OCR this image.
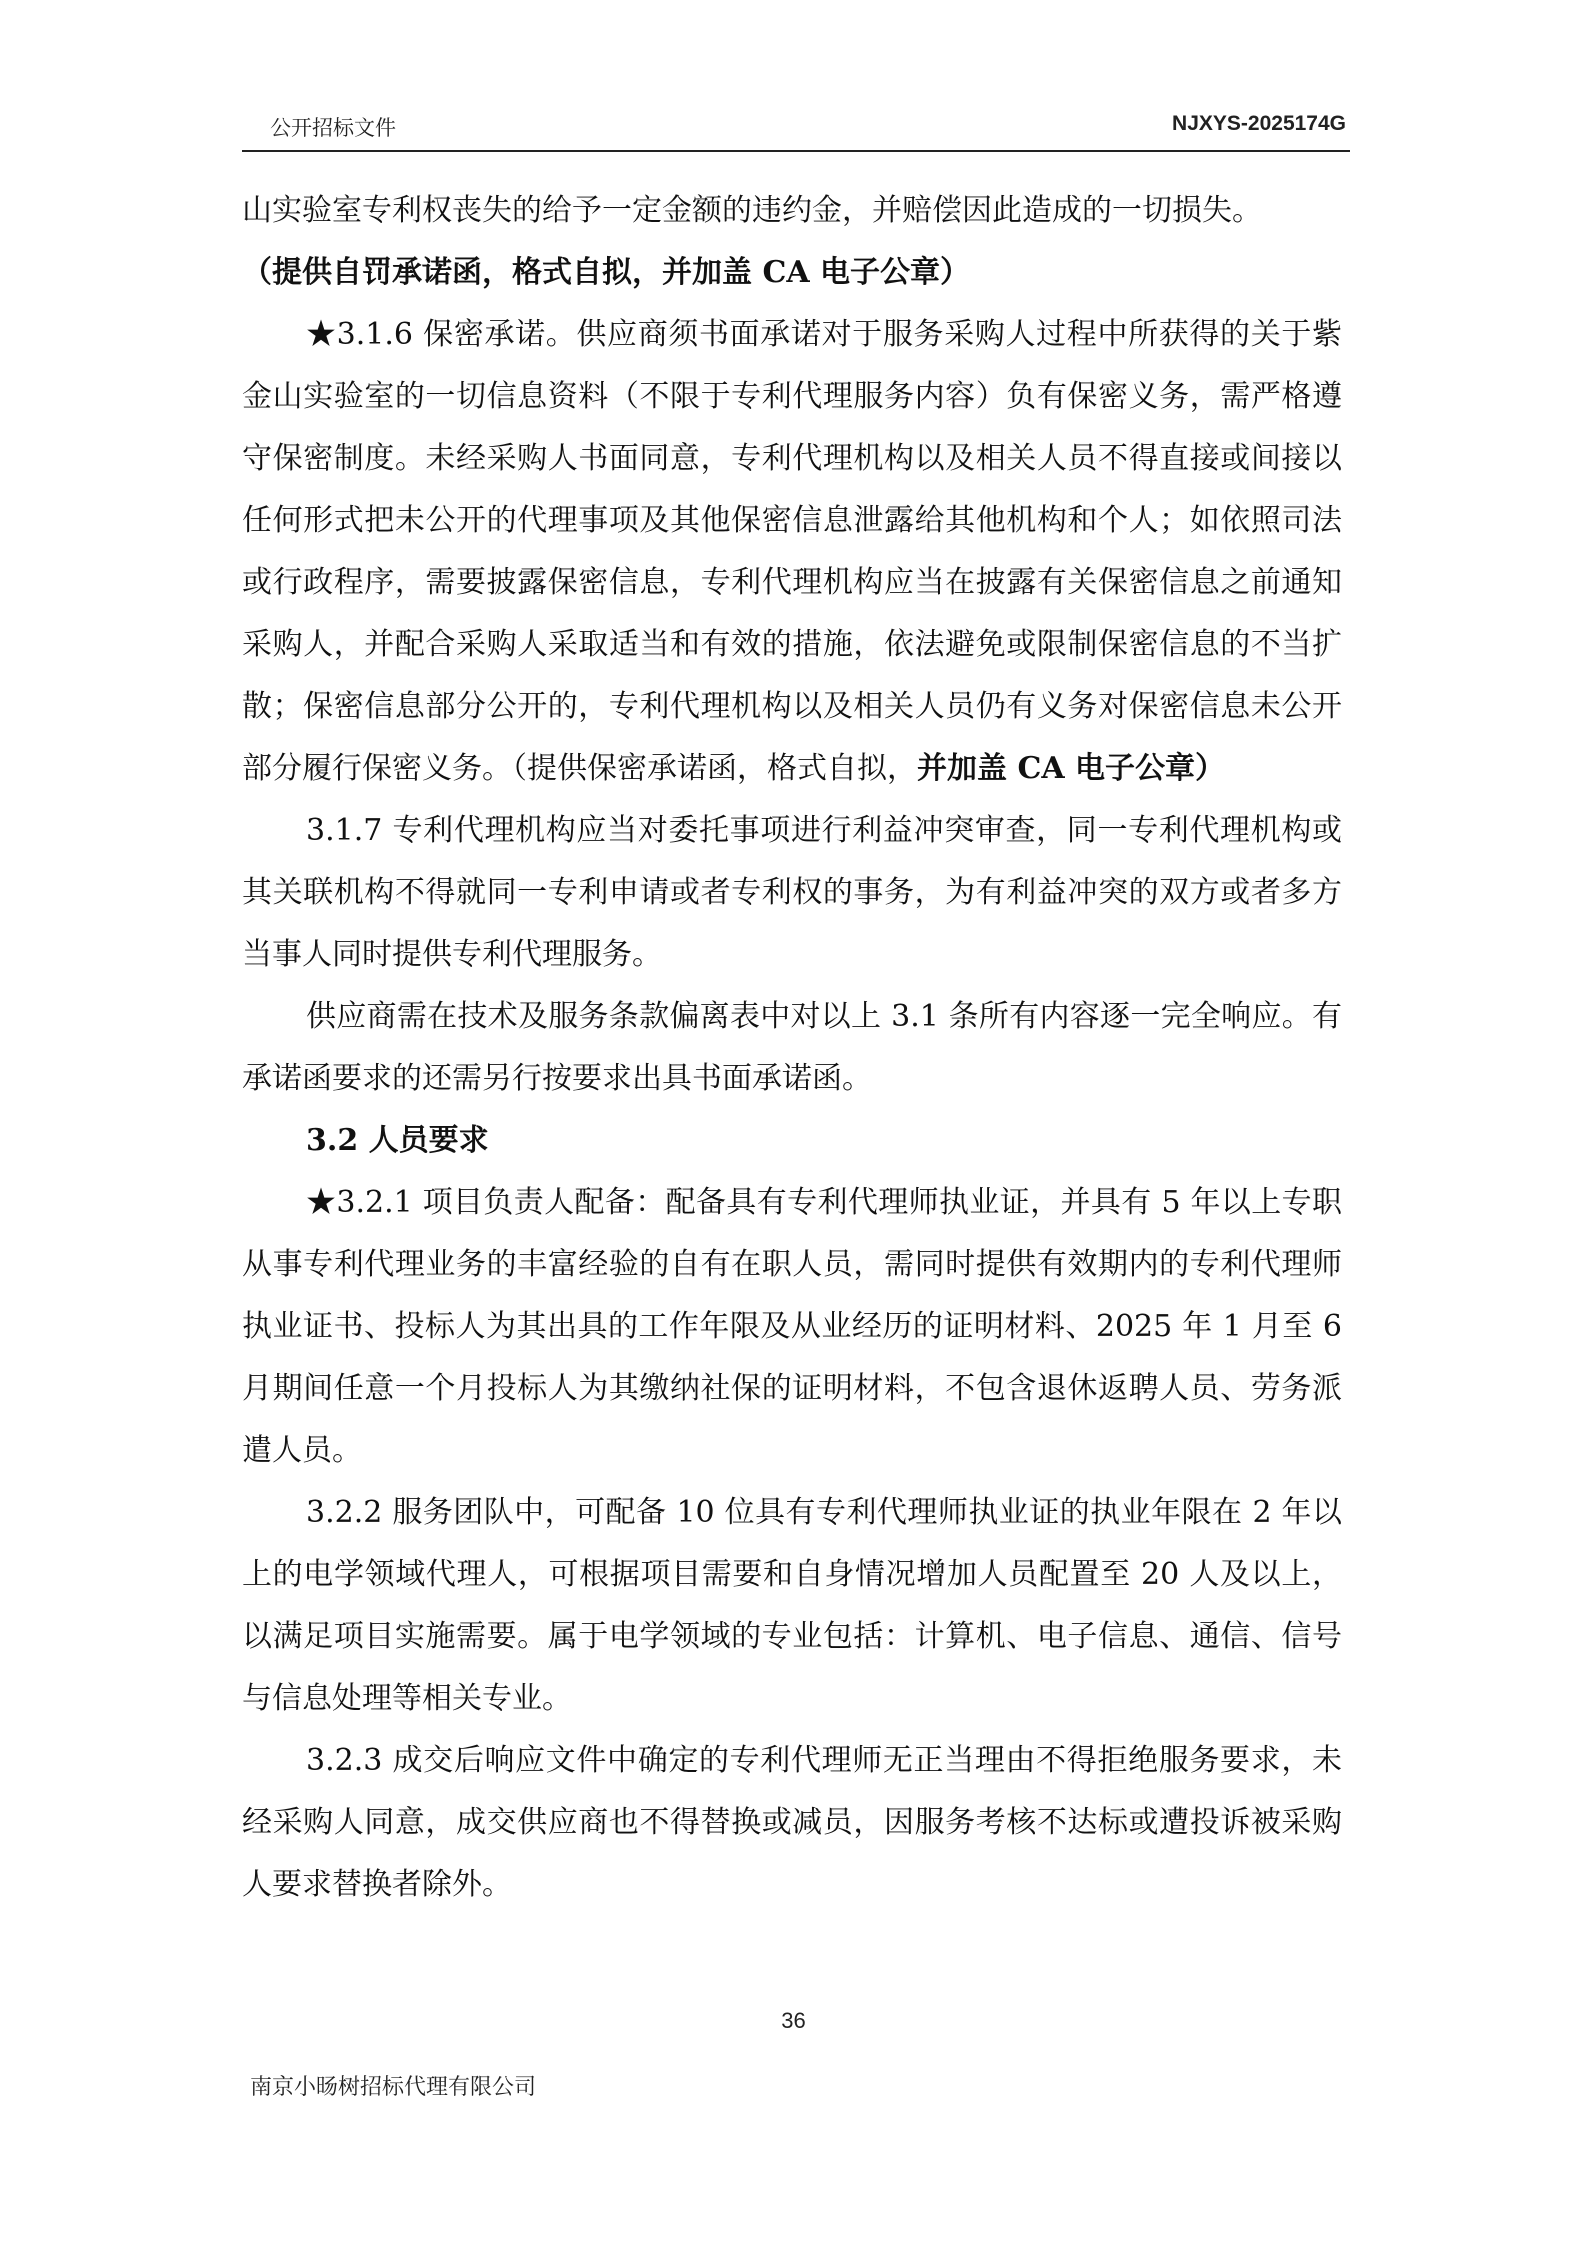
公开招标文件	NJXYS-2025174G

山实验室专利权丧失的给予一定金额的违约金，并赔偿因此造成的一切损失。
（提供自罚承诺函，格式自拟，并加盖 CA 电子公章）

★3.1.6 保密承诺。供应商须书面承诺对于服务采购人过程中所获得的关于紫金山实验室的一切信息资料（不限于专利代理服务内容）负有保密义务，需严格遵守保密制度。未经采购人书面同意，专利代理机构以及相关人员不得直接或间接以任何形式把未公开的代理事项及其他保密信息泄露给其他机构和个人；如依照司法或行政程序，需要披露保密信息，专利代理机构应当在披露有关保密信息之前通知采购人，并配合采购人采取适当和有效的措施，依法避免或限制保密信息的不当扩散；保密信息部分公开的，专利代理机构以及相关人员仍有义务对保密信息未公开部分履行保密义务。（提供保密承诺函，格式自拟，并加盖 CA 电子公章）

3.1.7 专利代理机构应当对委托事项进行利益冲突审查，同一专利代理机构或其关联机构不得就同一专利申请或者专利权的事务，为有利益冲突的双方或者多方当事人同时提供专利代理服务。

供应商需在技术及服务条款偏离表中对以上 3.1 条所有内容逐一完全响应。有承诺函要求的还需另行按要求出具书面承诺函。

3.2 人员要求

★3.2.1 项目负责人配备：配备具有专利代理师执业证，并具有 5 年以上专职从事专利代理业务的丰富经验的自有在职人员，需同时提供有效期内的专利代理师执业证书、投标人为其出具的工作年限及从业经历的证明材料、2025 年 1 月至 6 月期间任意一个月投标人为其缴纳社保的证明材料，不包含退休返聘人员、劳务派遣人员。

3.2.2 服务团队中，可配备 10 位具有专利代理师执业证的执业年限在 2 年以上的电学领域代理人，可根据项目需要和自身情况增加人员配置至 20 人及以上，以满足项目实施需要。属于电学领域的专业包括：计算机、电子信息、通信、信号与信息处理等相关专业。

3.2.3 成交后响应文件中确定的专利代理师无正当理由不得拒绝服务要求，未经采购人同意，成交供应商也不得替换或减员，因服务考核不达标或遭投诉被采购人要求替换者除外。

36
南京小旸树招标代理有限公司
